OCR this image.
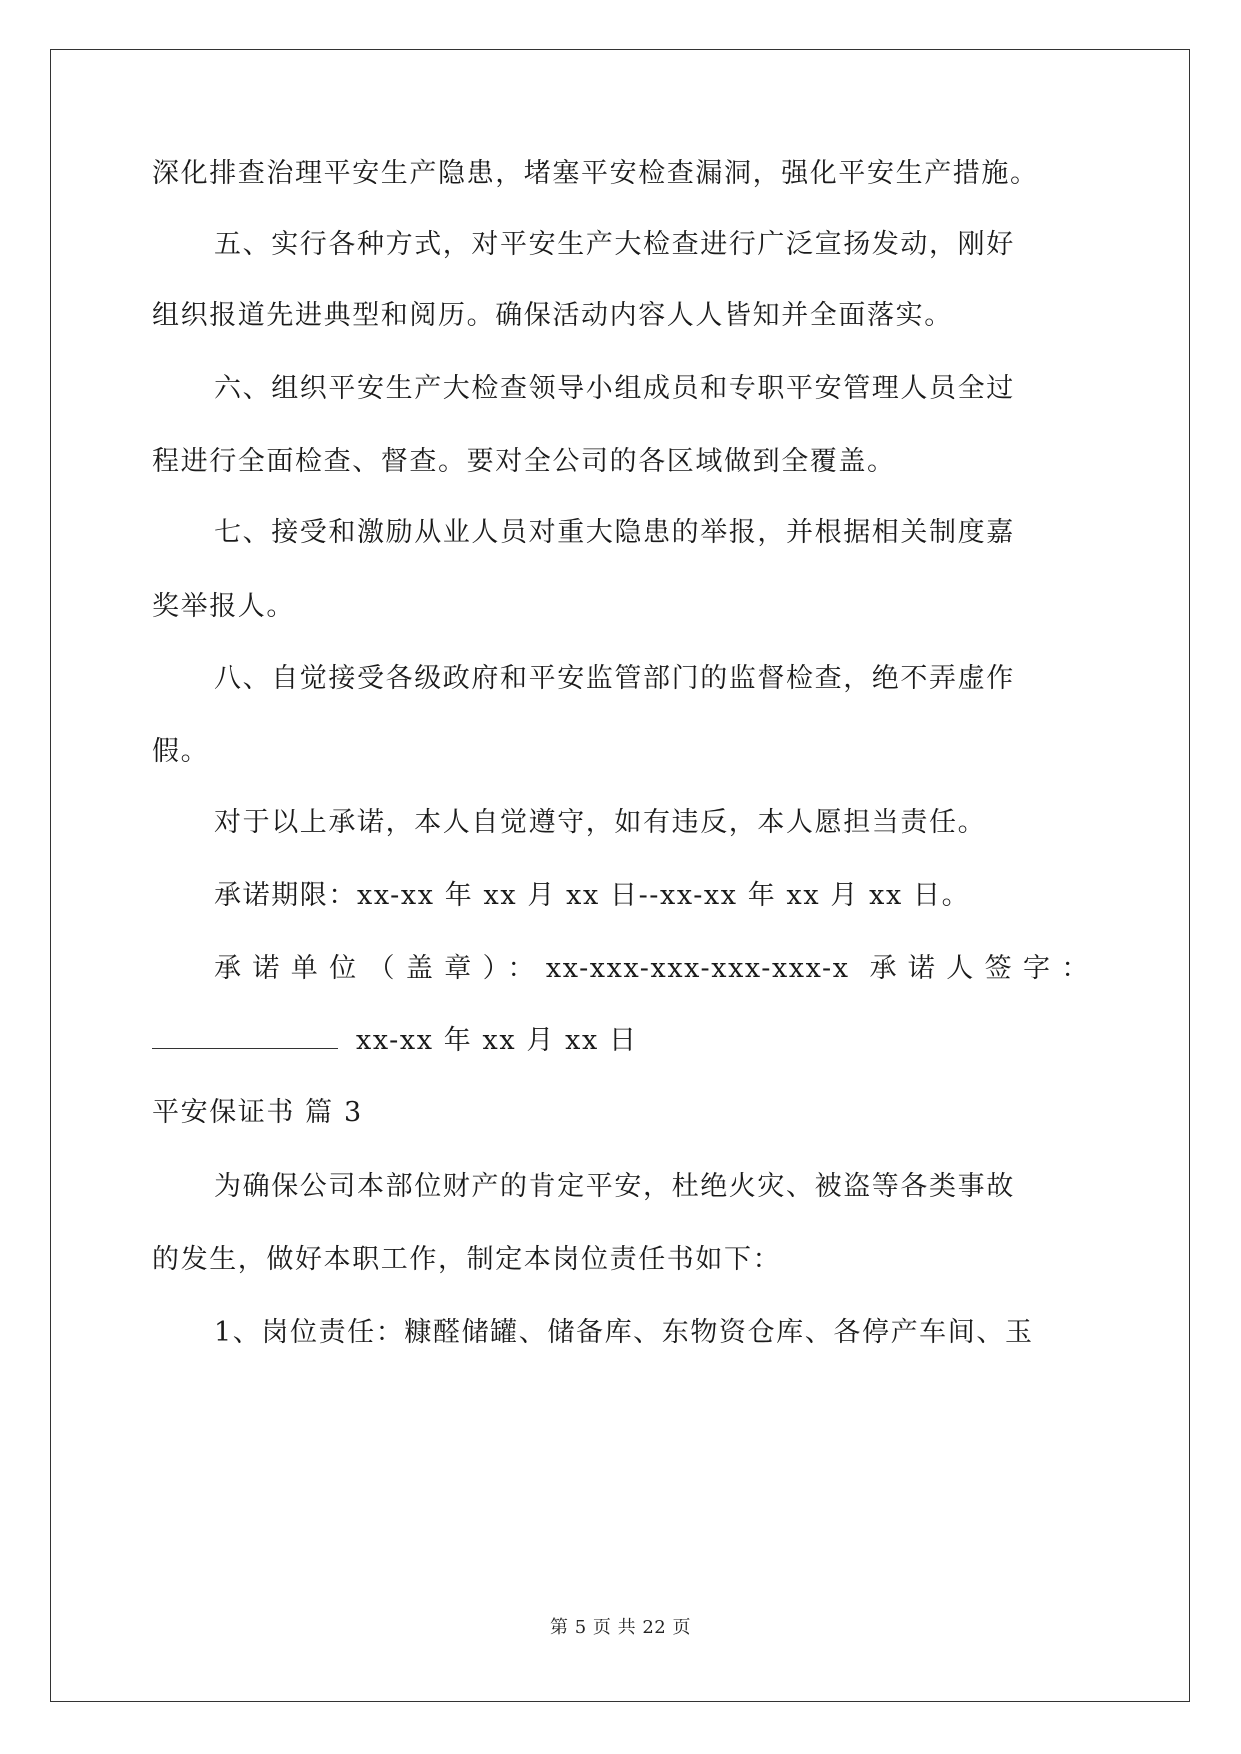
深化排查治理平安生产隐患，堵塞平安检查漏洞，强化平安生产措施。
五、实行各种方式，对平安生产大检查进行广泛宣扬发动，刚好
组织报道先进典型和阅历。确保活动内容人人皆知并全面落实。
六、组织平安生产大检查领导小组成员和专职平安管理人员全过
程进行全面检查、督查。要对全公司的各区域做到全覆盖。
七、接受和激励从业人员对重大隐患的举报，并根据相关制度嘉
奖举报人。
八、自觉接受各级政府和平安监管部门的监督检查，绝不弄虚作
假。
对于以上承诺，本人自觉遵守，如有违反，本人愿担当责任。
承诺期限：xx-xx 年 xx 月 xx 日--xx-xx 年 xx 月 xx 日。
承诺单位（盖章）：xx-xxx-xxx-xxx-xxx-x 承诺人签字：
xx-xx 年 xx 月 xx 日
平安保证书 篇 3
为确保公司本部位财产的肯定平安，杜绝火灾、被盗等各类事故
的发生，做好本职工作，制定本岗位责任书如下：
1、岗位责任：糠醛储罐、储备库、东物资仓库、各停产车间、玉
第 5 页 共 22 页
